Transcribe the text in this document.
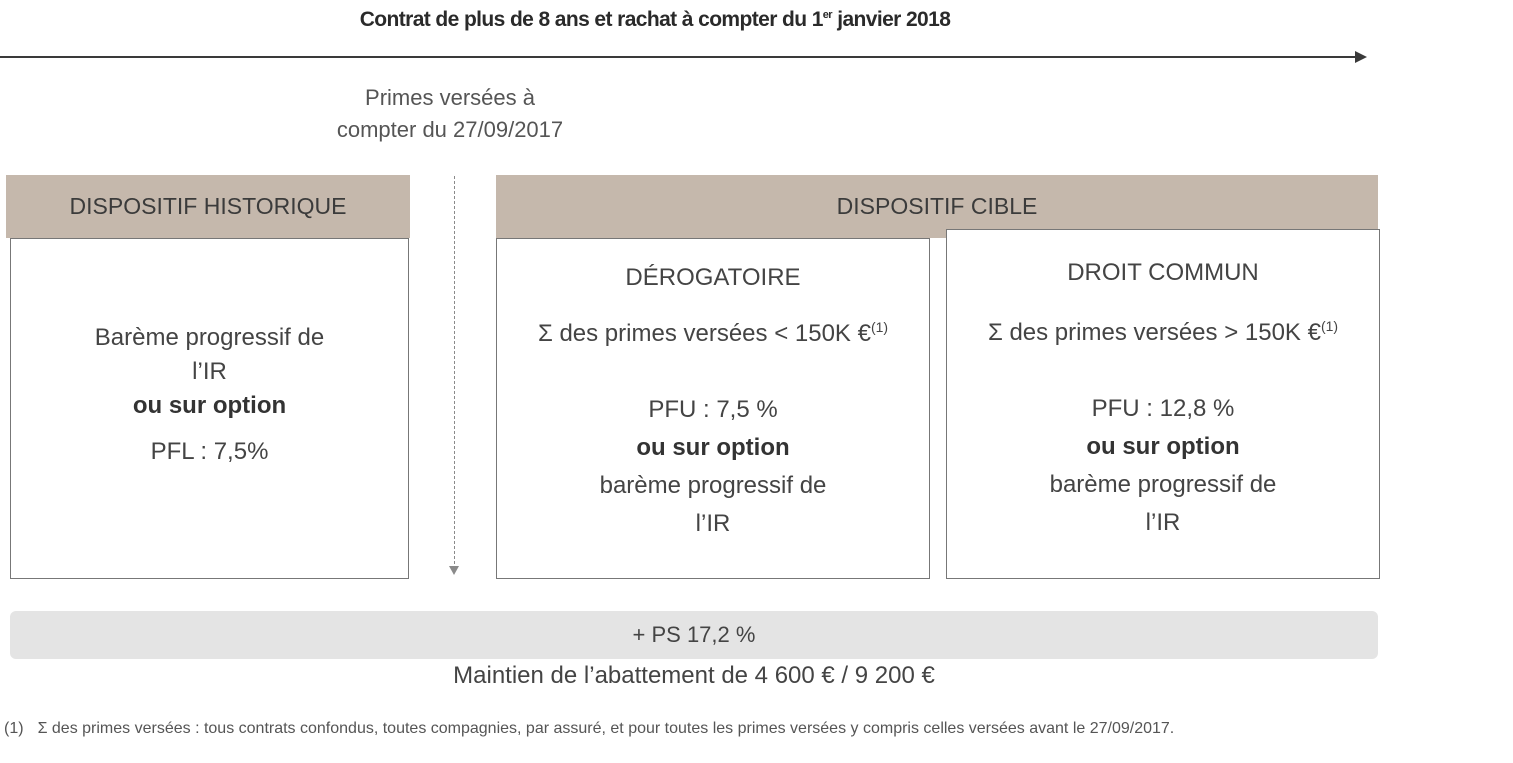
Contrat de plus de 8 ans et rachat à compter du 1er janvier 2018
Primes versées à
compter du 27/09/2017
DISPOSITIF HISTORIQUE
Barème progressif de
l’IR
ou sur option
PFL : 7,5%
DISPOSITIF CIBLE
DÉROGATOIRE
Σ des primes versées < 150K €$^{(1)}$
PFU : 7,5 %
ou sur option
barème progressif de
l’IR
DROIT COMMUN
Σ des primes versées > 150K €$^{(1)}$
PFU : 12,8 %
ou sur option
barème progressif de
l’IR
+ PS 17,2 %
Maintien de l’abattement de 4 600 € / 9 200 €
(1) Σ des primes versées : tous contrats confondus, toutes compagnies, par assuré, et pour toutes les primes versées y compris celles versées avant le 27/09/2017.
